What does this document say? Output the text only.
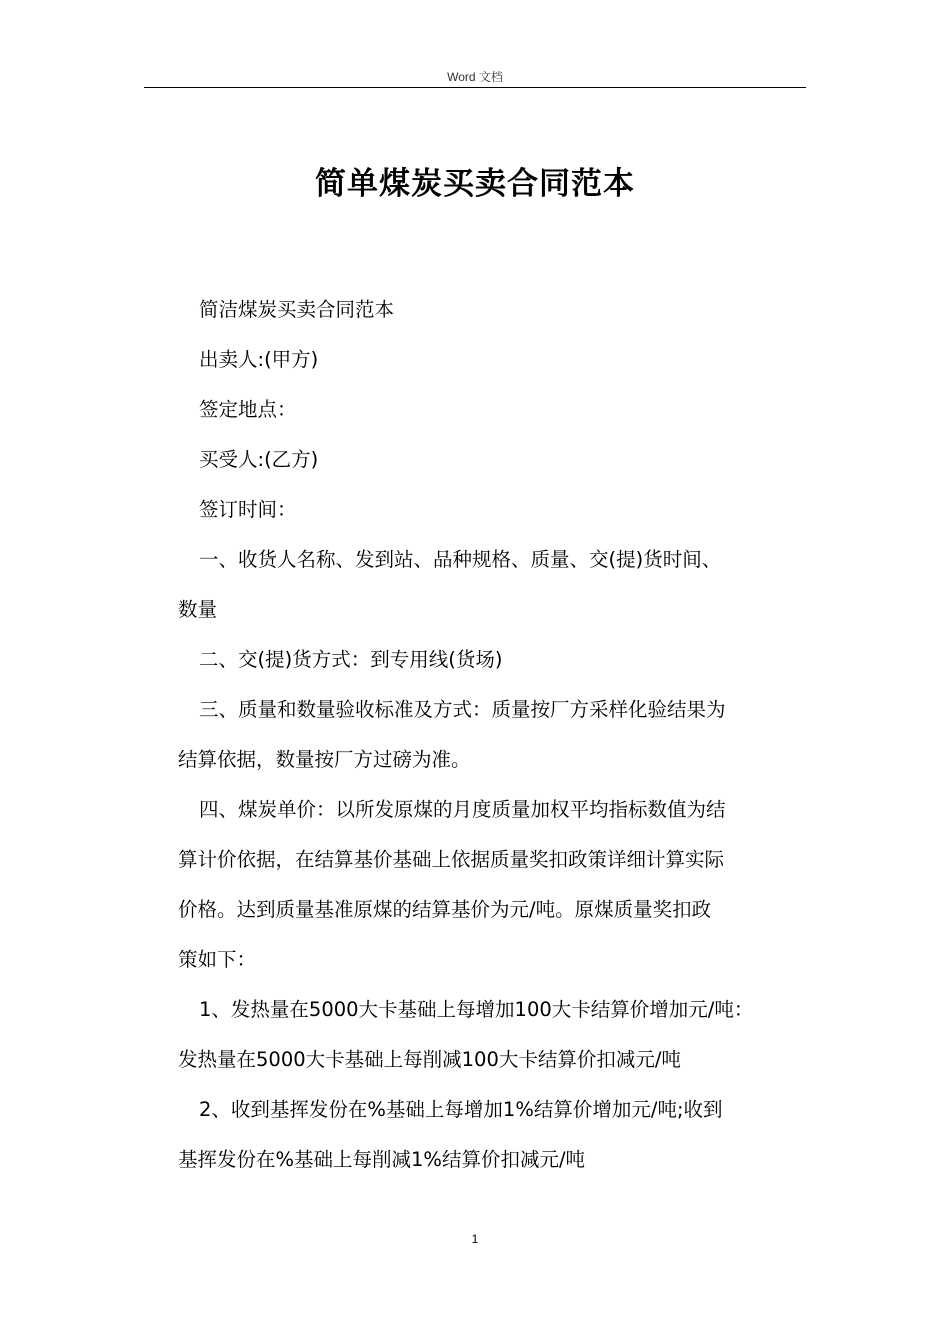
Word 文档
简单煤炭买卖合同范本
简洁煤炭买卖合同范本
出卖人:(甲方)
签定地点：
买受人:(乙方)
签订时间：
一、收货人名称、发到站、品种规格、质量、交(提)货时间、
数量
二、交(提)货方式：到专用线(货场)
三、质量和数量验收标准及方式：质量按厂方采样化验结果为
结算依据，数量按厂方过磅为准。
四、煤炭单价：以所发原煤的月度质量加权平均指标数值为结
算计价依据，在结算基价基础上依据质量奖扣政策详细计算实际
价格。达到质量基准原煤的结算基价为元/吨。原煤质量奖扣政
策如下：
1、发热量在5000大卡基础上每增加100大卡结算价增加元/吨：
发热量在5000大卡基础上每削减100大卡结算价扣减元/吨
2、收到基挥发份在%基础上每增加1%结算价增加元/吨;收到
基挥发份在%基础上每削减1%结算价扣减元/吨
1
